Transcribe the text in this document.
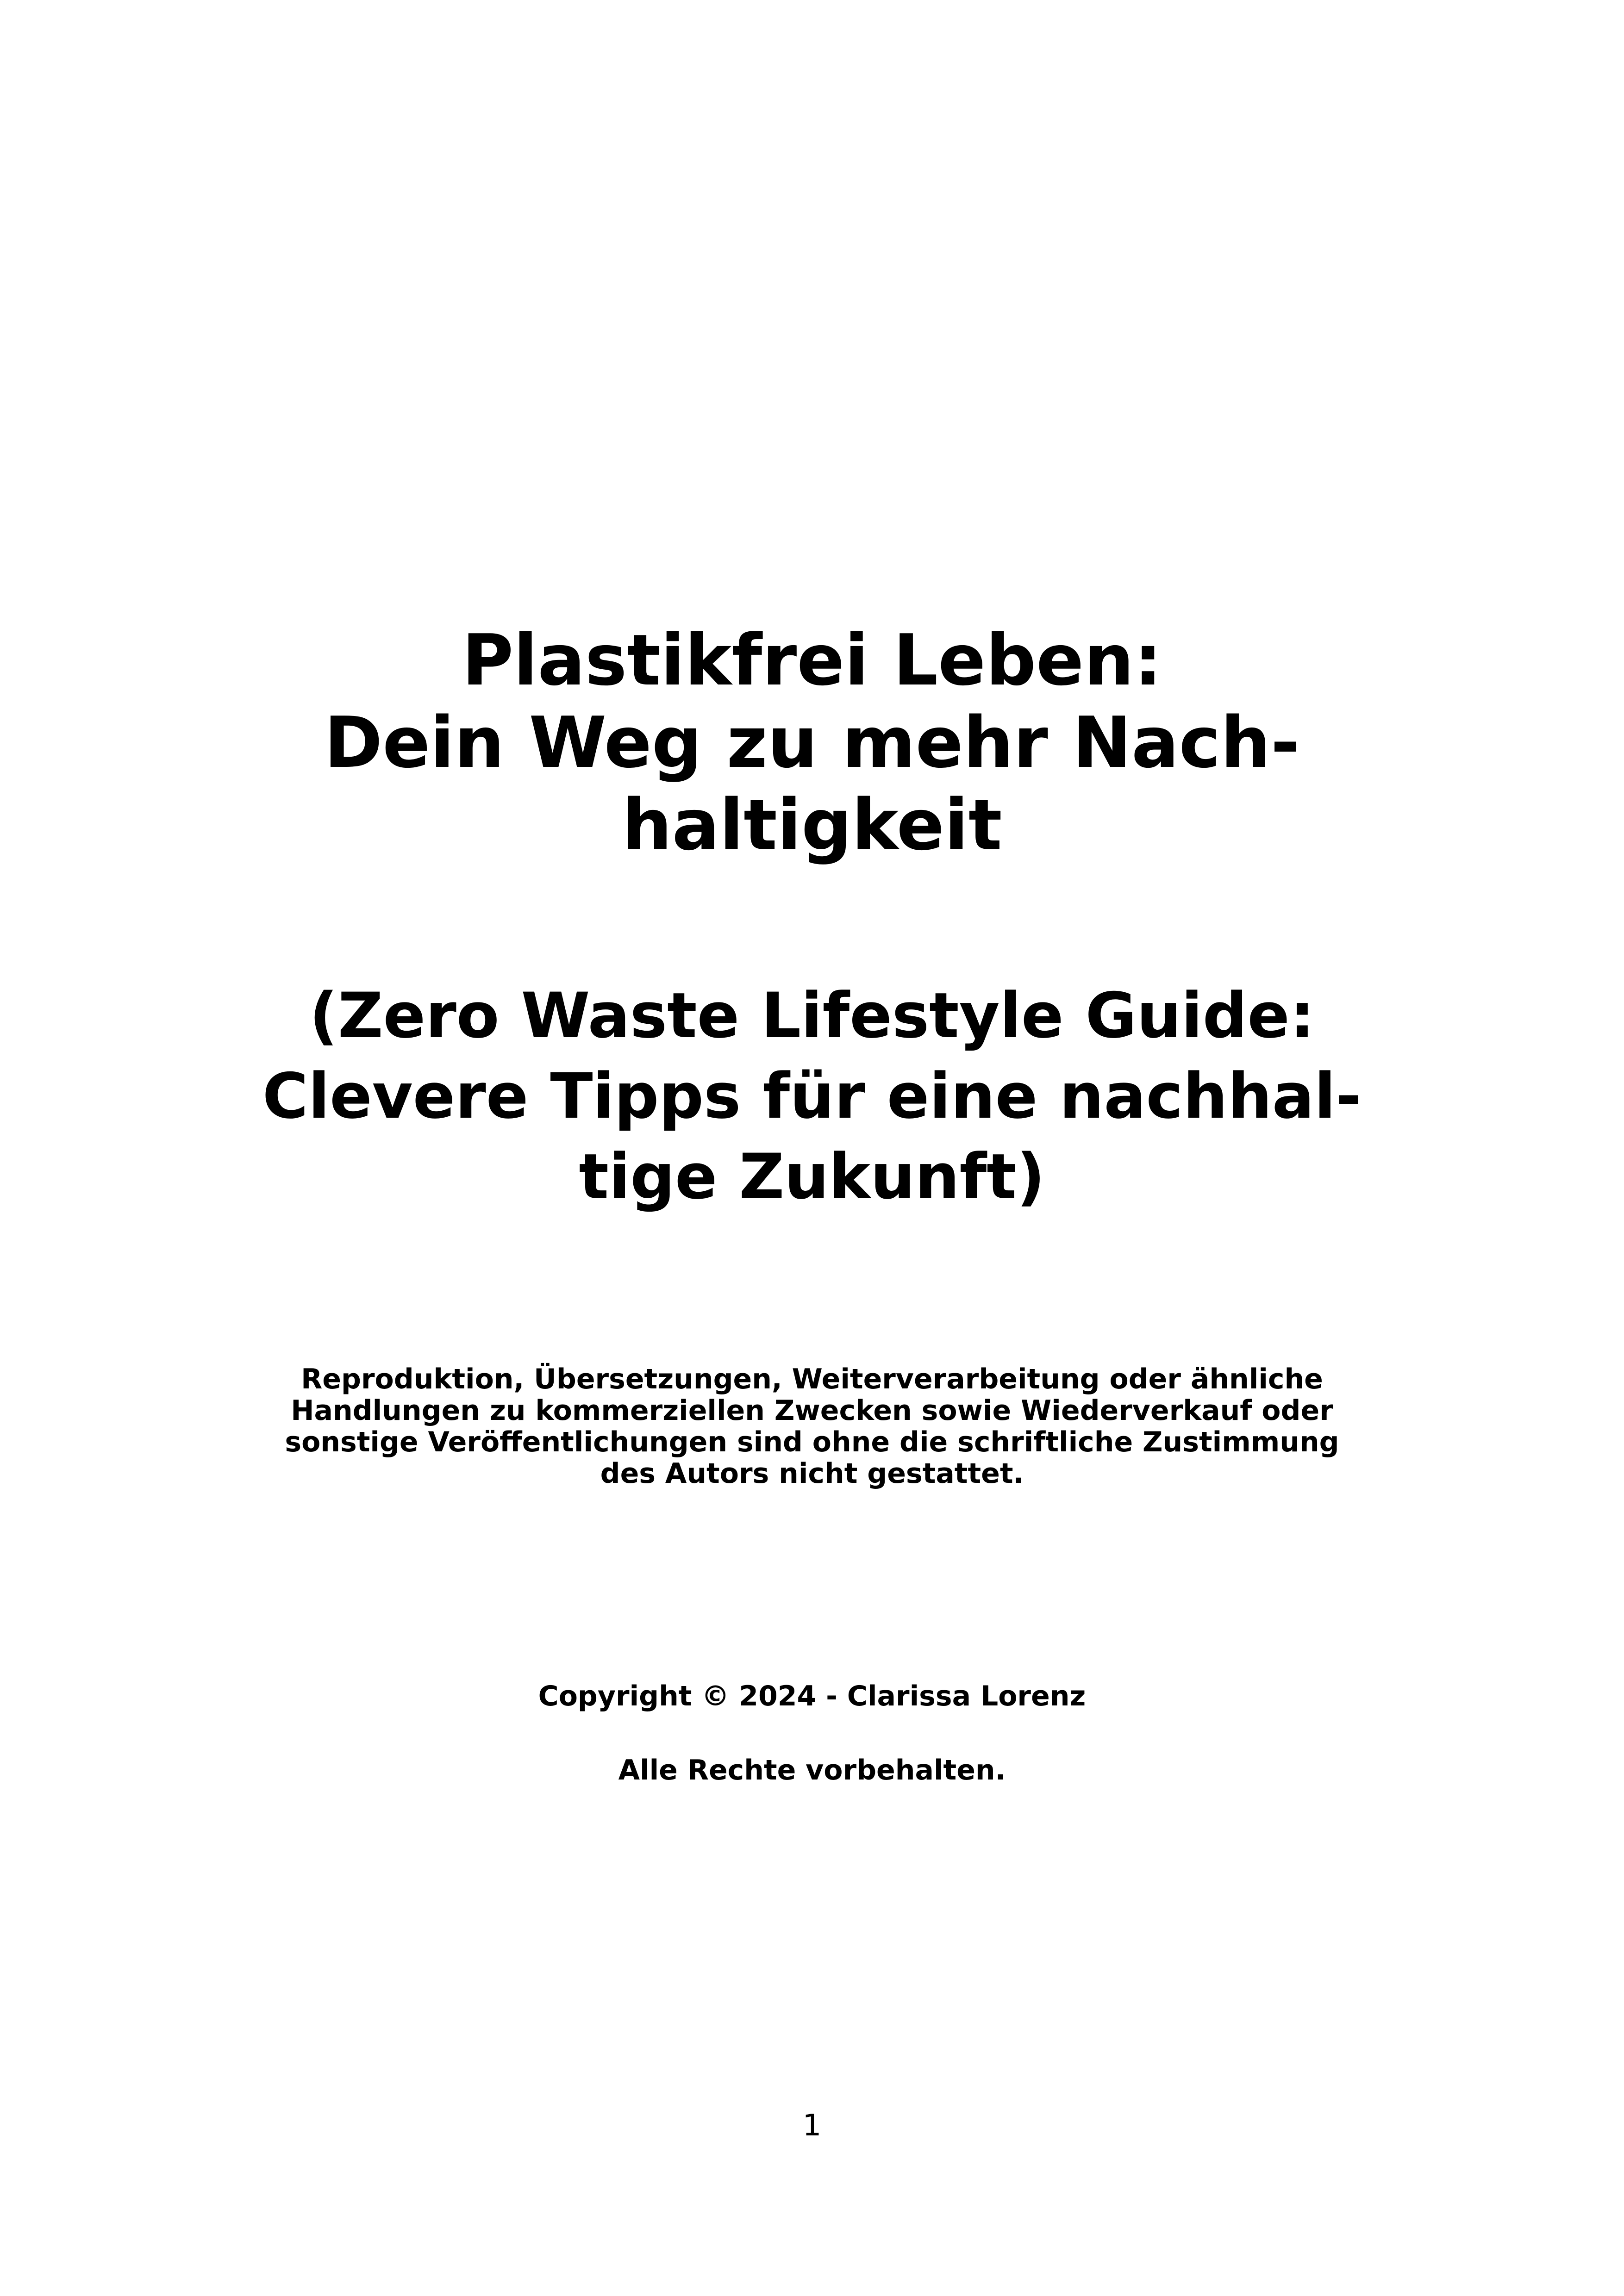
Plastikfrei Leben:
Dein Weg zu mehr Nach-
haltigkeit
(Zero Waste Lifestyle Guide:
Clevere Tipps für eine nachhal-
tige Zukunft)
Reproduktion, Übersetzungen, Weiterverarbeitung oder ähnliche
Handlungen zu kommerziellen Zwecken sowie Wiederverkauf oder
sonstige Veröffentlichungen sind ohne die schriftliche Zustimmung
des Autors nicht gestattet.
Copyright © 2024 - Clarissa Lorenz
Alle Rechte vorbehalten.
1
